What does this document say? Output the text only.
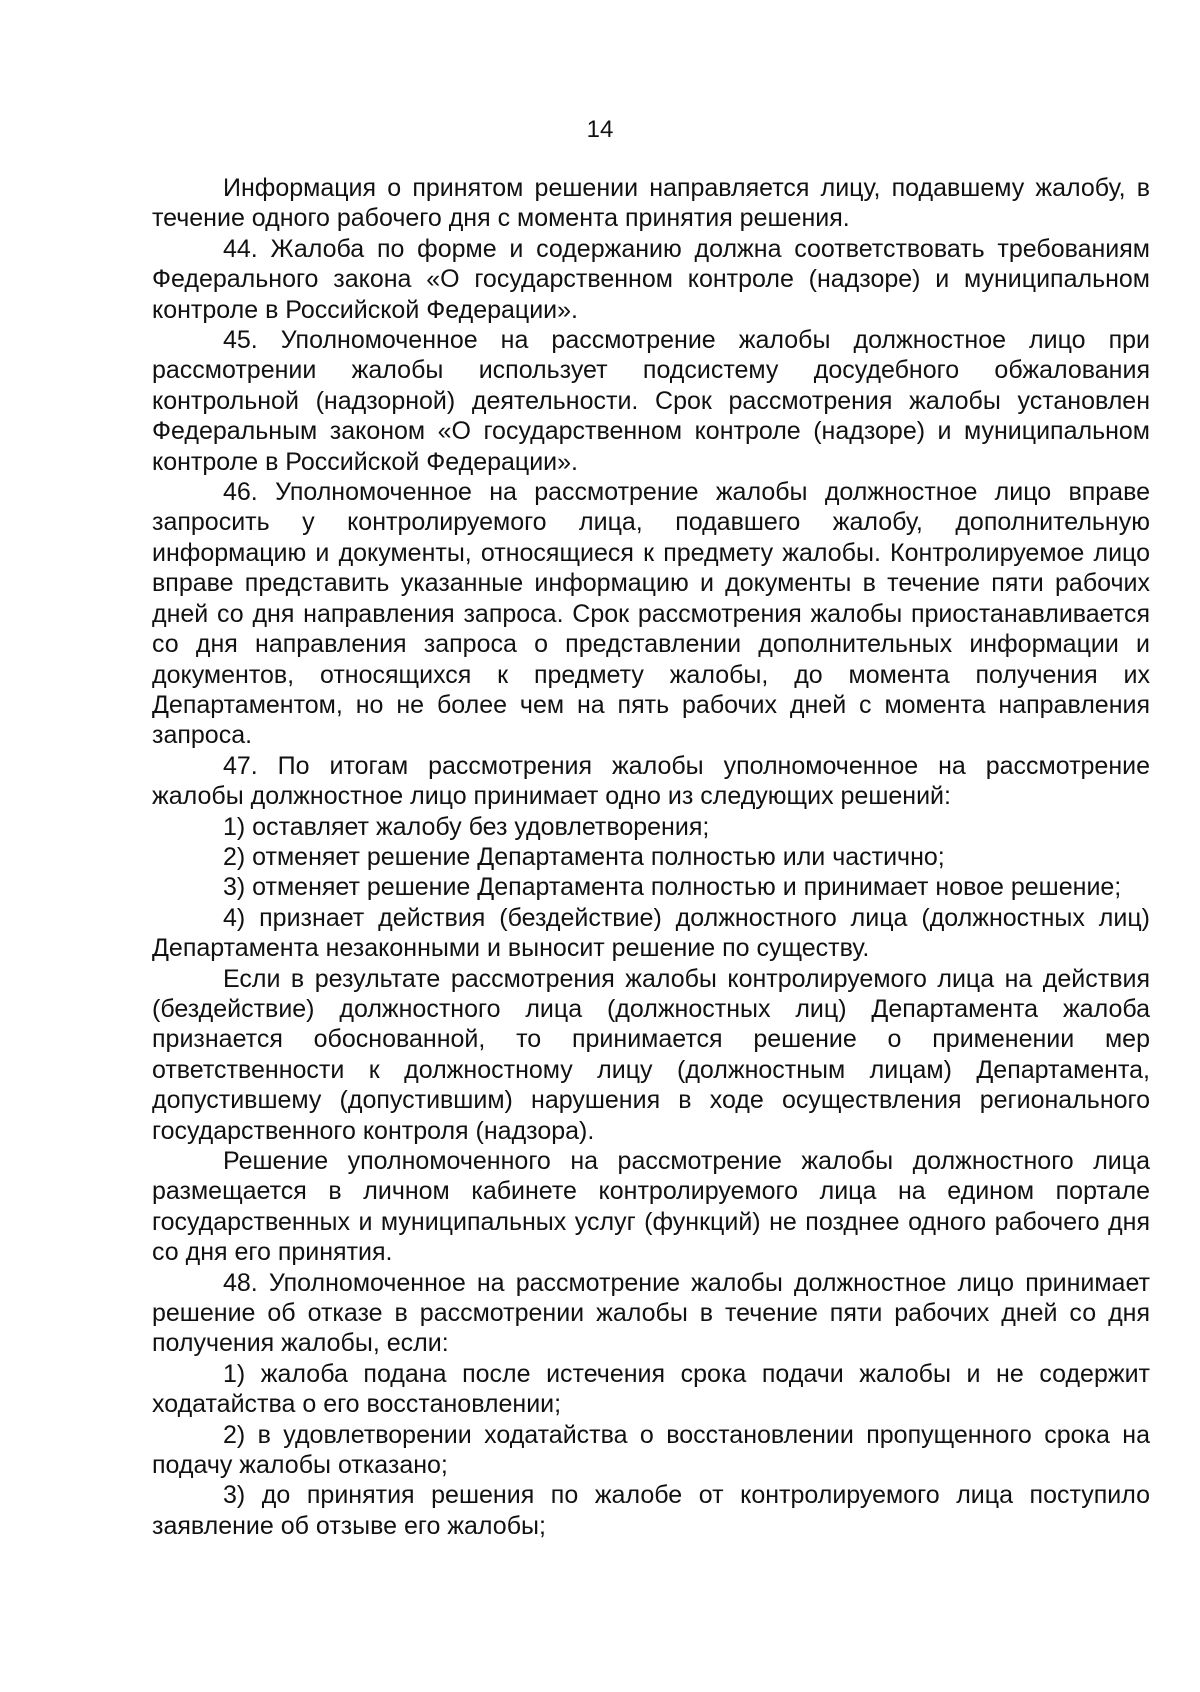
14

Информация о принятом решении направляется лицу, подавшему жалобу, в течение одного рабочего дня с момента принятия решения.

44. Жалоба по форме и содержанию должна соответствовать требованиям Федерального закона «О государственном контроле (надзоре) и муниципальном контроле в Российской Федерации».

45. Уполномоченное на рассмотрение жалобы должностное лицо при рассмотрении жалобы использует подсистему досудебного обжалования контрольной (надзорной) деятельности. Срок рассмотрения жалобы установлен Федеральным законом «О государственном контроле (надзоре) и муниципальном контроле в Российской Федерации».

46. Уполномоченное на рассмотрение жалобы должностное лицо вправе запросить у контролируемого лица, подавшего жалобу, дополнительную информацию и документы, относящиеся к предмету жалобы. Контролируемое лицо вправе представить указанные информацию и документы в течение пяти рабочих дней со дня направления запроса. Срок рассмотрения жалобы приостанавливается со дня направления запроса о представлении дополнительных информации и документов, относящихся к предмету жалобы, до момента получения их Департаментом, но не более чем на пять рабочих дней с момента направления запроса.

47. По итогам рассмотрения жалобы уполномоченное на рассмотрение жалобы должностное лицо принимает одно из следующих решений:

1) оставляет жалобу без удовлетворения;

2) отменяет решение Департамента полностью или частично;

3) отменяет решение Департамента полностью и принимает новое решение;

4) признает действия (бездействие) должностного лица (должностных лиц) Департамента незаконными и выносит решение по существу.

Если в результате рассмотрения жалобы контролируемого лица на действия (бездействие) должностного лица (должностных лиц) Департамента жалоба признается обоснованной, то принимается решение о применении мер ответственности к должностному лицу (должностным лицам) Департамента, допустившему (допустившим) нарушения в ходе осуществления регионального государственного контроля (надзора).

Решение уполномоченного на рассмотрение жалобы должностного лица размещается в личном кабинете контролируемого лица на едином портале государственных и муниципальных услуг (функций) не позднее одного рабочего дня со дня его принятия.

48. Уполномоченное на рассмотрение жалобы должностное лицо принимает решение об отказе в рассмотрении жалобы в течение пяти рабочих дней со дня получения жалобы, если:

1) жалоба подана после истечения срока подачи жалобы и не содержит ходатайства о его восстановлении;

2) в удовлетворении ходатайства о восстановлении пропущенного срока на подачу жалобы отказано;

3) до принятия решения по жалобе от контролируемого лица поступило заявление об отзыве его жалобы;
